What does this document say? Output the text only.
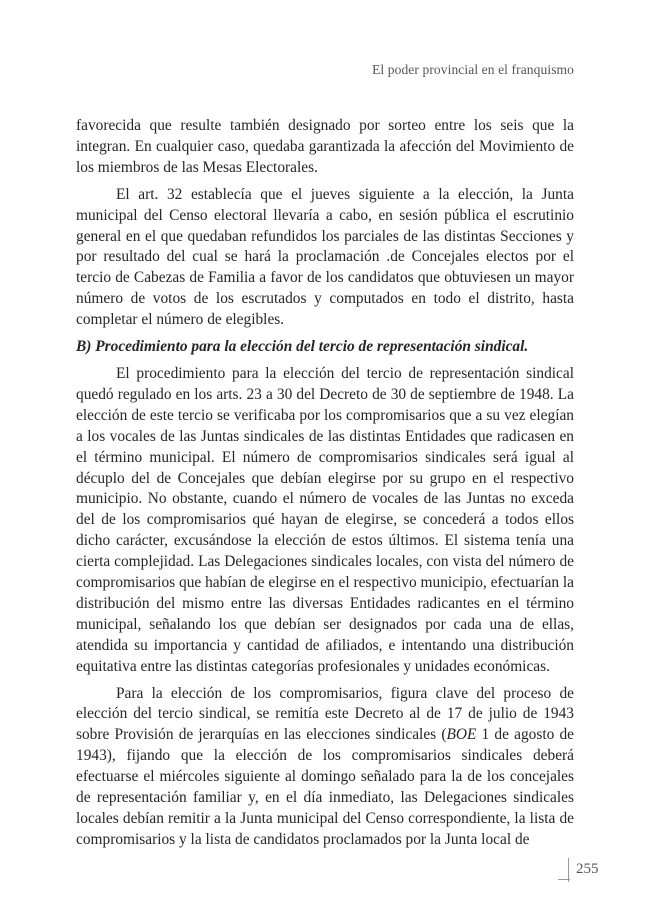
El poder provincial en el franquismo

favorecida que resulte también designado por sorteo entre los seis que la integran. En cualquier caso, quedaba garantizada la afección del Movimiento de los miembros de las Mesas Electorales.

El art. 32 establecía que el jueves siguiente a la elección, la Junta municipal del Censo electoral llevaría a cabo, en sesión pública el escrutinio general en el que quedaban refundidos los parciales de las distintas Secciones y por resultado del cual se hará la proclamación .de Concejales electos por el tercio de Cabezas de Familia a favor de los candidatos que obtuviesen un mayor número de votos de los escrutados y computados en todo el distrito, hasta completar el número de elegibles.

B) Procedimiento para la elección del tercio de representación sindical.

El procedimiento para la elección del tercio de representación sindical quedó regulado en los arts. 23 a 30 del Decreto de 30 de septiembre de 1948. La elección de este tercio se verificaba por los compromisarios que a su vez elegían a los vocales de las Juntas sindicales de las distintas Entidades que radicasen en el término municipal. El número de compromisarios sindicales será igual al décuplo del de Concejales que debían elegirse por su grupo en el respectivo municipio. No obstante, cuando el número de vocales de las Juntas no exceda del de los compromisarios qué hayan de elegirse, se concederá a todos ellos dicho carácter, excusándose la elección de estos últimos. El sistema tenía una cierta complejidad. Las Delegaciones sindicales locales, con vista del número de compromisarios que habían de elegirse en el respectivo municipio, efectuarían la distribución del mismo entre las diversas Entidades radicantes en el término municipal, señalando los que debían ser designados por cada una de ellas, atendida su importancia y cantidad de afiliados, e intentando una distribución equitativa entre las distintas categorías profesionales y unidades económicas.

Para la elección de los compromisarios, figura clave del proceso de elección del tercio sindical, se remitía este Decreto al de 17 de julio de 1943 sobre Provisión de jerarquías en las elecciones sindicales (BOE 1 de agosto de 1943), fijando que la elección de los compromisarios sindicales deberá efectuarse el miércoles siguiente al domingo señalado para la de los concejales de representación familiar y, en el día inmediato, las Delegaciones sindicales locales debían remitir a la Junta municipal del Censo correspondiente, la lista de compromisarios y la lista de candidatos proclamados por la Junta local de

255
